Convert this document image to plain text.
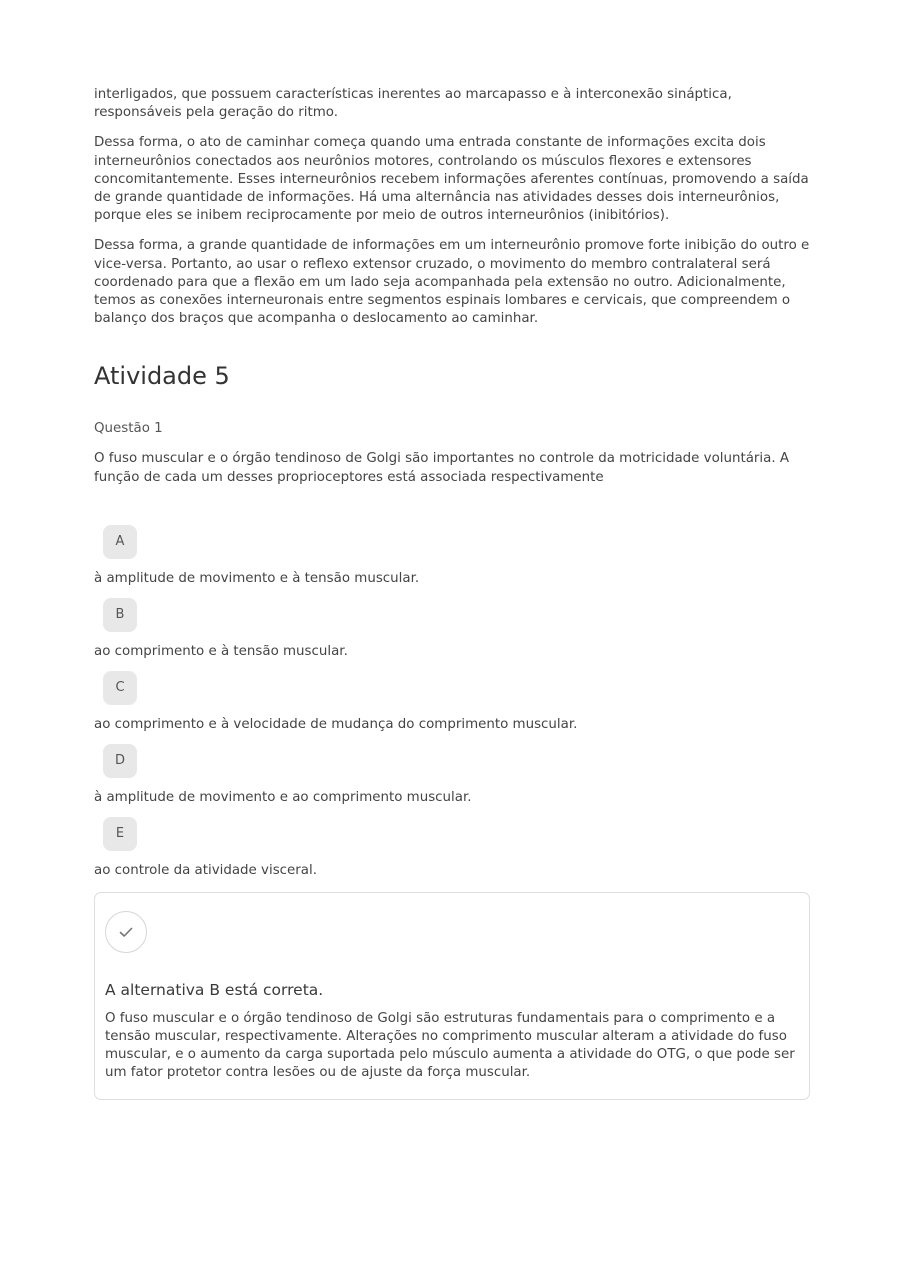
interligados, que possuem características inerentes ao marcapasso e à interconexão sináptica, responsáveis pela geração do ritmo.

Dessa forma, o ato de caminhar começa quando uma entrada constante de informações excita dois interneurônios conectados aos neurônios motores, controlando os músculos flexores e extensores concomitantemente. Esses interneurônios recebem informações aferentes contínuas, promovendo a saída de grande quantidade de informações. Há uma alternância nas atividades desses dois interneurônios, porque eles se inibem reciprocamente por meio de outros interneurônios (inibitórios).

Dessa forma, a grande quantidade de informações em um interneurônio promove forte inibição do outro e vice-versa. Portanto, ao usar o reflexo extensor cruzado, o movimento do membro contralateral será coordenado para que a flexão em um lado seja acompanhada pela extensão no outro. Adicionalmente, temos as conexões interneuronais entre segmentos espinais lombares e cervicais, que compreendem o balanço dos braços que acompanha o deslocamento ao caminhar.

Atividade 5
Questão 1
O fuso muscular e o órgão tendinoso de Golgi são importantes no controle da motricidade voluntária. A função de cada um desses proprioceptores está associada respectivamente
A
à amplitude de movimento e à tensão muscular.
B
ao comprimento e à tensão muscular.
C
ao comprimento e à velocidade de mudança do comprimento muscular.
D
à amplitude de movimento e ao comprimento muscular.
E
ao controle da atividade visceral.
A alternativa B está correta.
O fuso muscular e o órgão tendinoso de Golgi são estruturas fundamentais para o comprimento e a tensão muscular, respectivamente. Alterações no comprimento muscular alteram a atividade do fuso muscular, e o aumento da carga suportada pelo músculo aumenta a atividade do OTG, o que pode ser um fator protetor contra lesões ou de ajuste da força muscular.
